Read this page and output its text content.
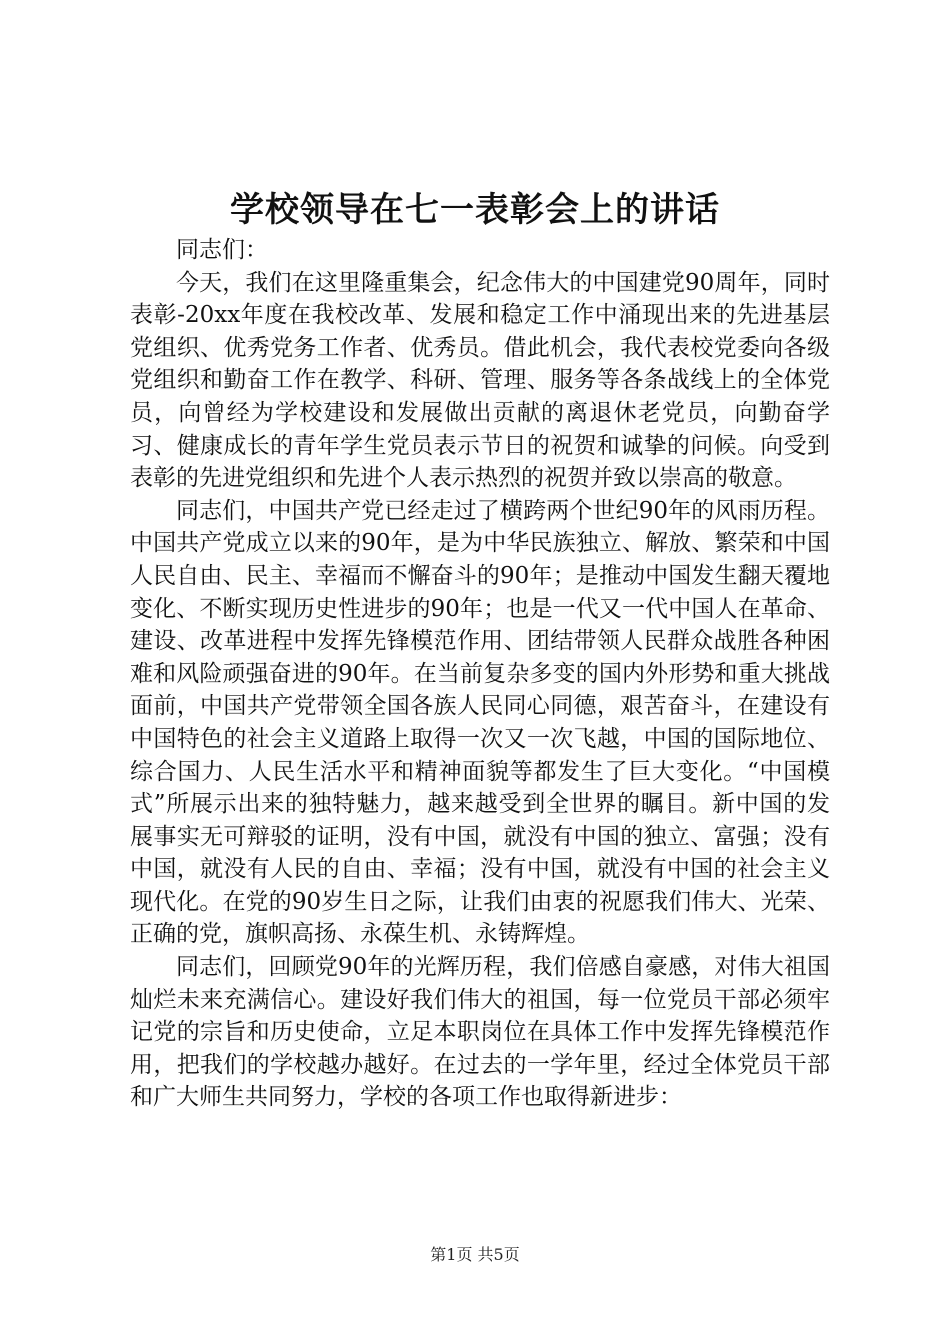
学校领导在七一表彰会上的讲话

同志们：

今天，我们在这里隆重集会，纪念伟大的中国建党90周年，同时表彰-20xx年度在我校改革、发展和稳定工作中涌现出来的先进基层党组织、优秀党务工作者、优秀员。借此机会，我代表校党委向各级党组织和勤奋工作在教学、科研、管理、服务等各条战线上的全体党员，向曾经为学校建设和发展做出贡献的离退休老党员，向勤奋学习、健康成长的青年学生党员表示节日的祝贺和诚挚的问候。向受到表彰的先进党组织和先进个人表示热烈的祝贺并致以崇高的敬意。

同志们，中国共产党已经走过了横跨两个世纪90年的风雨历程。中国共产党成立以来的90年，是为中华民族独立、解放、繁荣和中国人民自由、民主、幸福而不懈奋斗的90年；是推动中国发生翻天覆地变化、不断实现历史性进步的90年；也是一代又一代中国人在革命、建设、改革进程中发挥先锋模范作用、团结带领人民群众战胜各种困难和风险顽强奋进的90年。在当前复杂多变的国内外形势和重大挑战面前，中国共产党带领全国各族人民同心同德，艰苦奋斗，在建设有中国特色的社会主义道路上取得一次又一次飞越，中国的国际地位、综合国力、人民生活水平和精神面貌等都发生了巨大变化。“中国模式”所展示出来的独特魅力，越来越受到全世界的瞩目。新中国的发展事实无可辩驳的证明，没有中国，就没有中国的独立、富强；没有中国，就没有人民的自由、幸福；没有中国，就没有中国的社会主义现代化。在党的90岁生日之际，让我们由衷的祝愿我们伟大、光荣、正确的党，旗帜高扬、永葆生机、永铸辉煌。

同志们，回顾党90年的光辉历程，我们倍感自豪感，对伟大祖国灿烂未来充满信心。建设好我们伟大的祖国，每一位党员干部必须牢记党的宗旨和历史使命，立足本职岗位在具体工作中发挥先锋模范作用，把我们的学校越办越好。在过去的一学年里，经过全体党员干部和广大师生共同努力，学校的各项工作也取得新进步：

第1页 共5页
